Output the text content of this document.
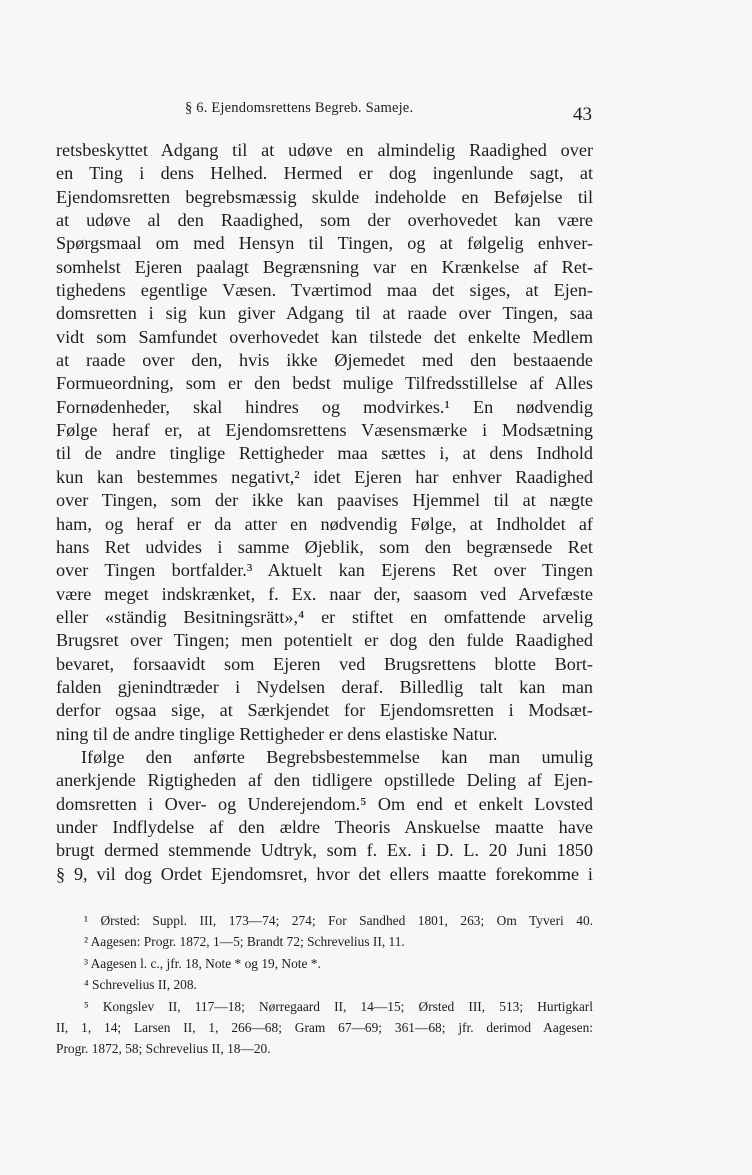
§ 6. Ejendomsrettens Begreb. Sameje.	43
retsbeskyttet Adgang til at udøve en almindelig Raadighed over
en Ting i dens Helhed. Hermed er dog ingenlunde sagt, at
Ejendomsretten begrebsmæssig skulde indeholde en Beføjelse til
at udøve al den Raadighed, som der overhovedet kan være
Spørgsmaal om med Hensyn til Tingen, og at følgelig enhver-
somhelst Ejeren paalagt Begrænsning var en Krænkelse af Ret-
tighedens egentlige Væsen. Tværtimod maa det siges, at Ejen-
domsretten i sig kun giver Adgang til at raade over Tingen, saa
vidt som Samfundet overhovedet kan tilstede det enkelte Medlem
at raade over den, hvis ikke Øjemedet med den bestaaende
Formueordning, som er den bedst mulige Tilfredsstillelse af Alles
Fornødenheder, skal hindres og modvirkes.¹ En nødvendig
Følge heraf er, at Ejendomsrettens Væsensmærke i Modsætning
til de andre tinglige Rettigheder maa sættes i, at dens Indhold
kun kan bestemmes negativt,² idet Ejeren har enhver Raadighed
over Tingen, som der ikke kan paavises Hjemmel til at nægte
ham, og heraf er da atter en nødvendig Følge, at Indholdet af
hans Ret udvides i samme Øjeblik, som den begrænsede Ret
over Tingen bortfalder.³ Aktuelt kan Ejerens Ret over Tingen
være meget indskrænket, f. Ex. naar der, saasom ved Arvefæste
eller «ständig Besitningsrätt»,⁴ er stiftet en omfattende arvelig
Brugsret over Tingen; men potentielt er dog den fulde Raadighed
bevaret, forsaavidt som Ejeren ved Brugsrettens blotte Bort-
falden gjenindtræder i Nydelsen deraf. Billedlig talt kan man
derfor ogsaa sige, at Særkjendet for Ejendomsretten i Modsæt-
ning til de andre tinglige Rettigheder er dens elastiske Natur.
Ifølge den anførte Begrebsbestemmelse kan man umulig
anerkjende Rigtigheden af den tidligere opstillede Deling af Ejen-
domsretten i Over- og Underejendom.⁵ Om end et enkelt Lovsted
under Indflydelse af den ældre Theoris Anskuelse maatte have
brugt dermed stemmende Udtryk, som f. Ex. i D. L. 20 Juni 1850
§ 9, vil dog Ordet Ejendomsret, hvor det ellers maatte forekomme i
¹ Ørsted: Suppl. III, 173—74; 274; For Sandhed 1801, 263; Om Tyveri 40.
² Aagesen: Progr. 1872, 1—5; Brandt 72; Schrevelius II, 11.
³ Aagesen l. c., jfr. 18, Note * og 19, Note *.
⁴ Schrevelius II, 208.
⁵ Kongslev II, 117—18; Nørregaard II, 14—15; Ørsted III, 513; Hurtigkarl
II, 1, 14; Larsen II, 1, 266—68; Gram 67—69; 361—68; jfr. derimod Aagesen:
Progr. 1872, 58; Schrevelius II, 18—20.
